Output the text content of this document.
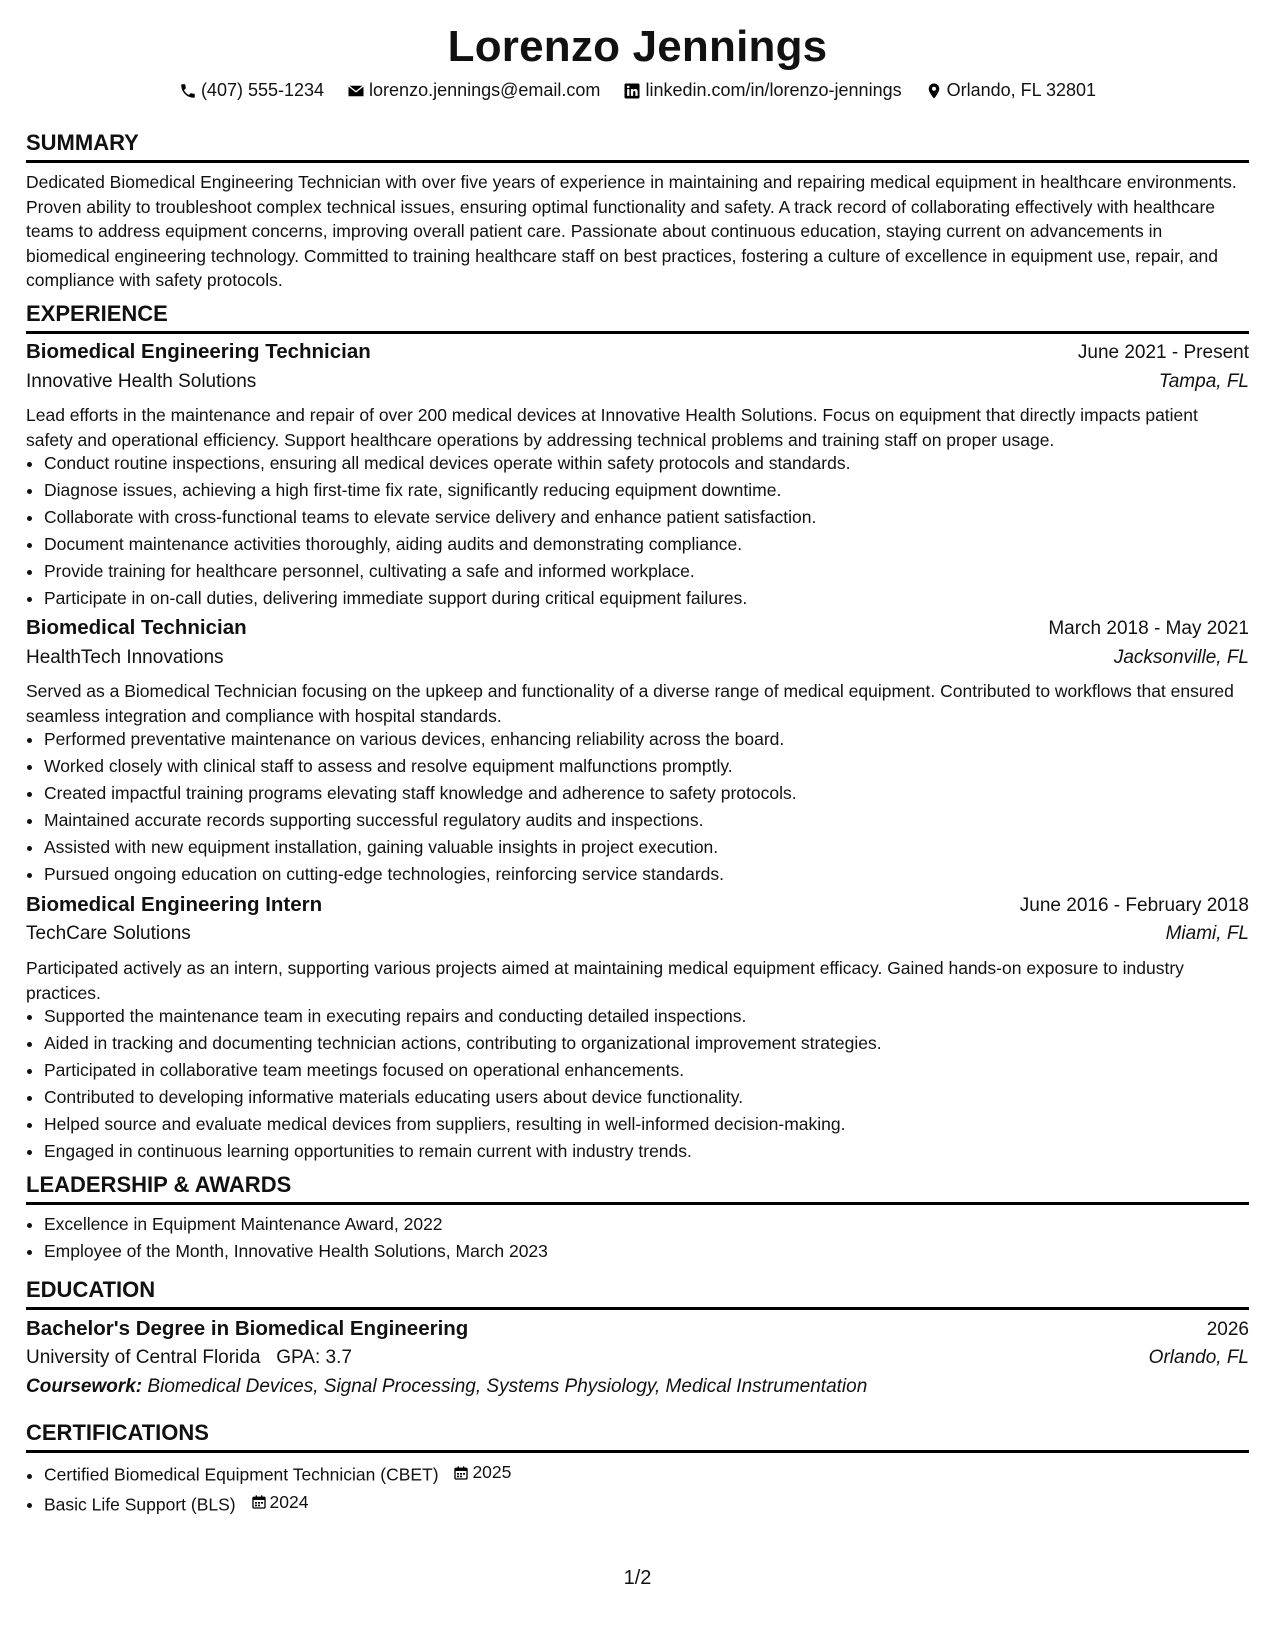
Lorenzo Jennings
(407) 555-1234
	lorenzo.jennings@email.com
	linkedin.com/in/lorenzo-jennings
	Orlando, FL 32801
SUMMARY
Dedicated Biomedical Engineering Technician with over five years of experience in maintaining and repairing medical equipment in healthcare environments. Proven ability to troubleshoot complex technical issues, ensuring optimal functionality and safety. A track record of collaborating effectively with healthcare teams to address equipment concerns, improving overall patient care. Passionate about continuous education, staying current on advancements in biomedical engineering technology. Committed to training healthcare staff on best practices, fostering a culture of excellence in equipment use, repair, and compliance with safety protocols.
EXPERIENCE
Biomedical Engineering Technician	June 2021 - Present
Innovative Health Solutions	Tampa, FL
Lead efforts in the maintenance and repair of over 200 medical devices at Innovative Health Solutions. Focus on equipment that directly impacts patient safety and operational efficiency. Support healthcare operations by addressing technical problems and training staff on proper usage.
• Conduct routine inspections, ensuring all medical devices operate within safety protocols and standards.
• Diagnose issues, achieving a high first-time fix rate, significantly reducing equipment downtime.
• Collaborate with cross-functional teams to elevate service delivery and enhance patient satisfaction.
• Document maintenance activities thoroughly, aiding audits and demonstrating compliance.
• Provide training for healthcare personnel, cultivating a safe and informed workplace.
• Participate in on-call duties, delivering immediate support during critical equipment failures.
Biomedical Technician	March 2018 - May 2021
HealthTech Innovations	Jacksonville, FL
Served as a Biomedical Technician focusing on the upkeep and functionality of a diverse range of medical equipment. Contributed to workflows that ensured seamless integration and compliance with hospital standards.
• Performed preventative maintenance on various devices, enhancing reliability across the board.
• Worked closely with clinical staff to assess and resolve equipment malfunctions promptly.
• Created impactful training programs elevating staff knowledge and adherence to safety protocols.
• Maintained accurate records supporting successful regulatory audits and inspections.
• Assisted with new equipment installation, gaining valuable insights in project execution.
• Pursued ongoing education on cutting-edge technologies, reinforcing service standards.
Biomedical Engineering Intern	June 2016 - February 2018
TechCare Solutions	Miami, FL
Participated actively as an intern, supporting various projects aimed at maintaining medical equipment efficacy. Gained hands-on exposure to industry practices.
• Supported the maintenance team in executing repairs and conducting detailed inspections.
• Aided in tracking and documenting technician actions, contributing to organizational improvement strategies.
• Participated in collaborative team meetings focused on operational enhancements.
• Contributed to developing informative materials educating users about device functionality.
• Helped source and evaluate medical devices from suppliers, resulting in well-informed decision-making.
• Engaged in continuous learning opportunities to remain current with industry trends.
LEADERSHIP & AWARDS
• Excellence in Equipment Maintenance Award, 2022
• Employee of the Month, Innovative Health Solutions, March 2023
EDUCATION
Bachelor's Degree in Biomedical Engineering	2026
University of Central Florida GPA: 3.7	Orlando, FL
Coursework: Biomedical Devices, Signal Processing, Systems Physiology, Medical Instrumentation
CERTIFICATIONS
• Certified Biomedical Equipment Technician (CBET) 2025
• Basic Life Support (BLS) 2024
1/2
